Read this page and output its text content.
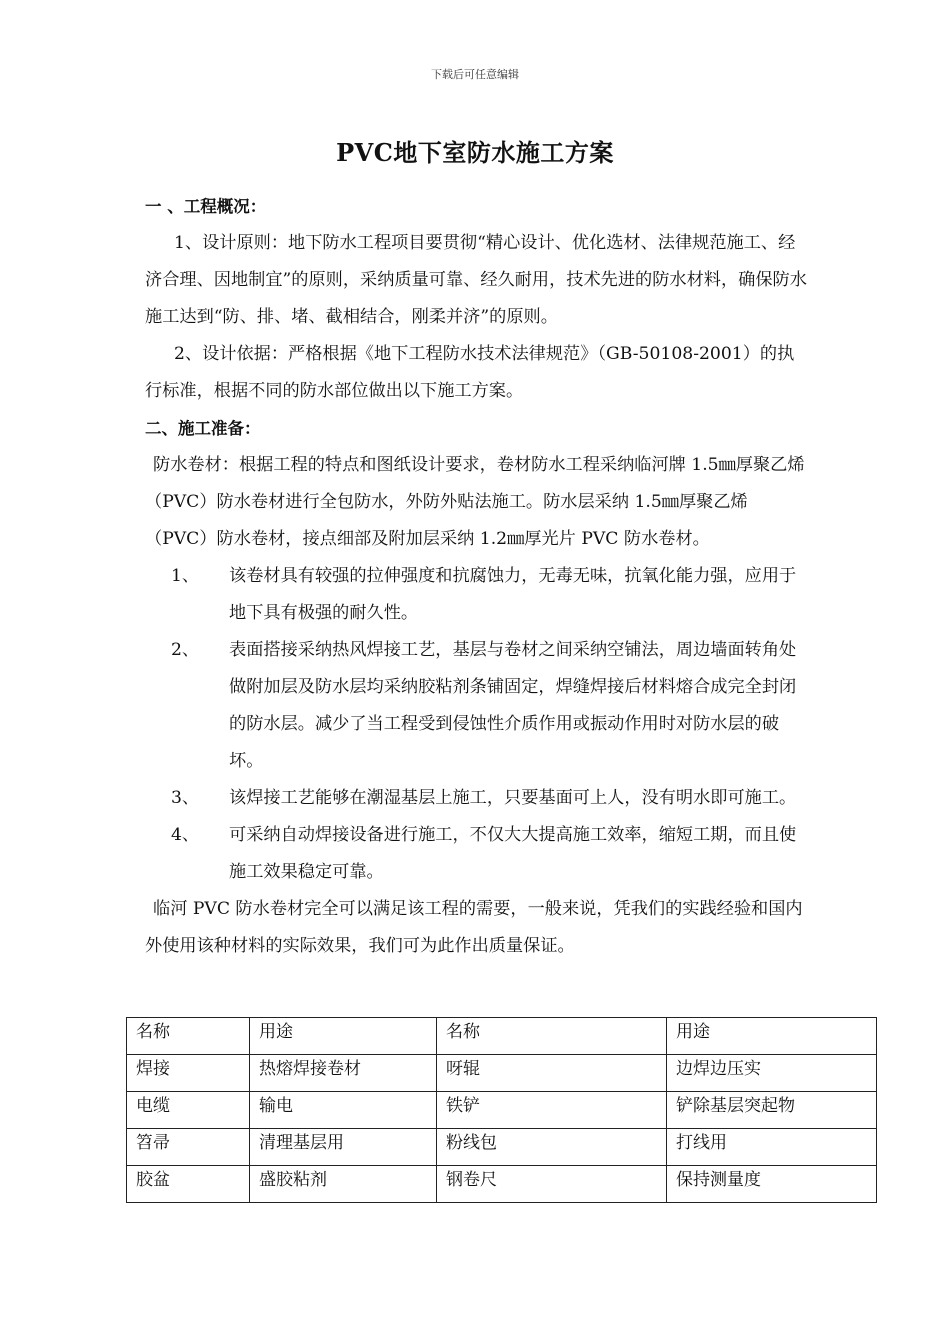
下载后可任意编辑
PVC地下室防水施工方案

一 、工程概况：

1、设计原则：地下防水工程项目要贯彻“精心设计、优化选材、法律规范施工、经济合理、因地制宜”的原则，采纳质量可靠、经久耐用，技术先进的防水材料，确保防水施工达到“防、排、堵、截相结合，刚柔并济”的原则。

2、设计依据：严格根据《地下工程防水技术法律规范》（GB-50108-2001）的执行标准，根据不同的防水部位做出以下施工方案。

二、施工准备：

防水卷材：根据工程的特点和图纸设计要求，卷材防水工程采纳临河牌 1.5㎜厚聚乙烯（PVC）防水卷材进行全包防水，外防外贴法施工。防水层采纳 1.5㎜厚聚乙烯（PVC）防水卷材，接点细部及附加层采纳 1.2㎜厚光片 PVC 防水卷材。

1、	该卷材具有较强的拉伸强度和抗腐蚀力，无毒无味，抗氧化能力强，应用于地下具有极强的耐久性。
2、	表面搭接采纳热风焊接工艺，基层与卷材之间采纳空铺法，周边墙面转角处做附加层及防水层均采纳胶粘剂条铺固定，焊缝焊接后材料熔合成完全封闭的防水层。减少了当工程受到侵蚀性介质作用或振动作用时对防水层的破坏。
3、	该焊接工艺能够在潮湿基层上施工，只要基面可上人，没有明水即可施工。
4、	可采纳自动焊接设备进行施工，不仅大大提高施工效率，缩短工期，而且使施工效果稳定可靠。

临河 PVC 防水卷材完全可以满足该工程的需要，一般来说，凭我们的实践经验和国内外使用该种材料的实际效果，我们可为此作出质量保证。

名称	用途	名称	用途
焊接	热熔焊接卷材	呀辊	边焊边压实
电缆	输电	铁铲	铲除基层突起物
笤帚	清理基层用	粉线包	打线用
胶盆	盛胶粘剂	钢卷尺	保持测量度
